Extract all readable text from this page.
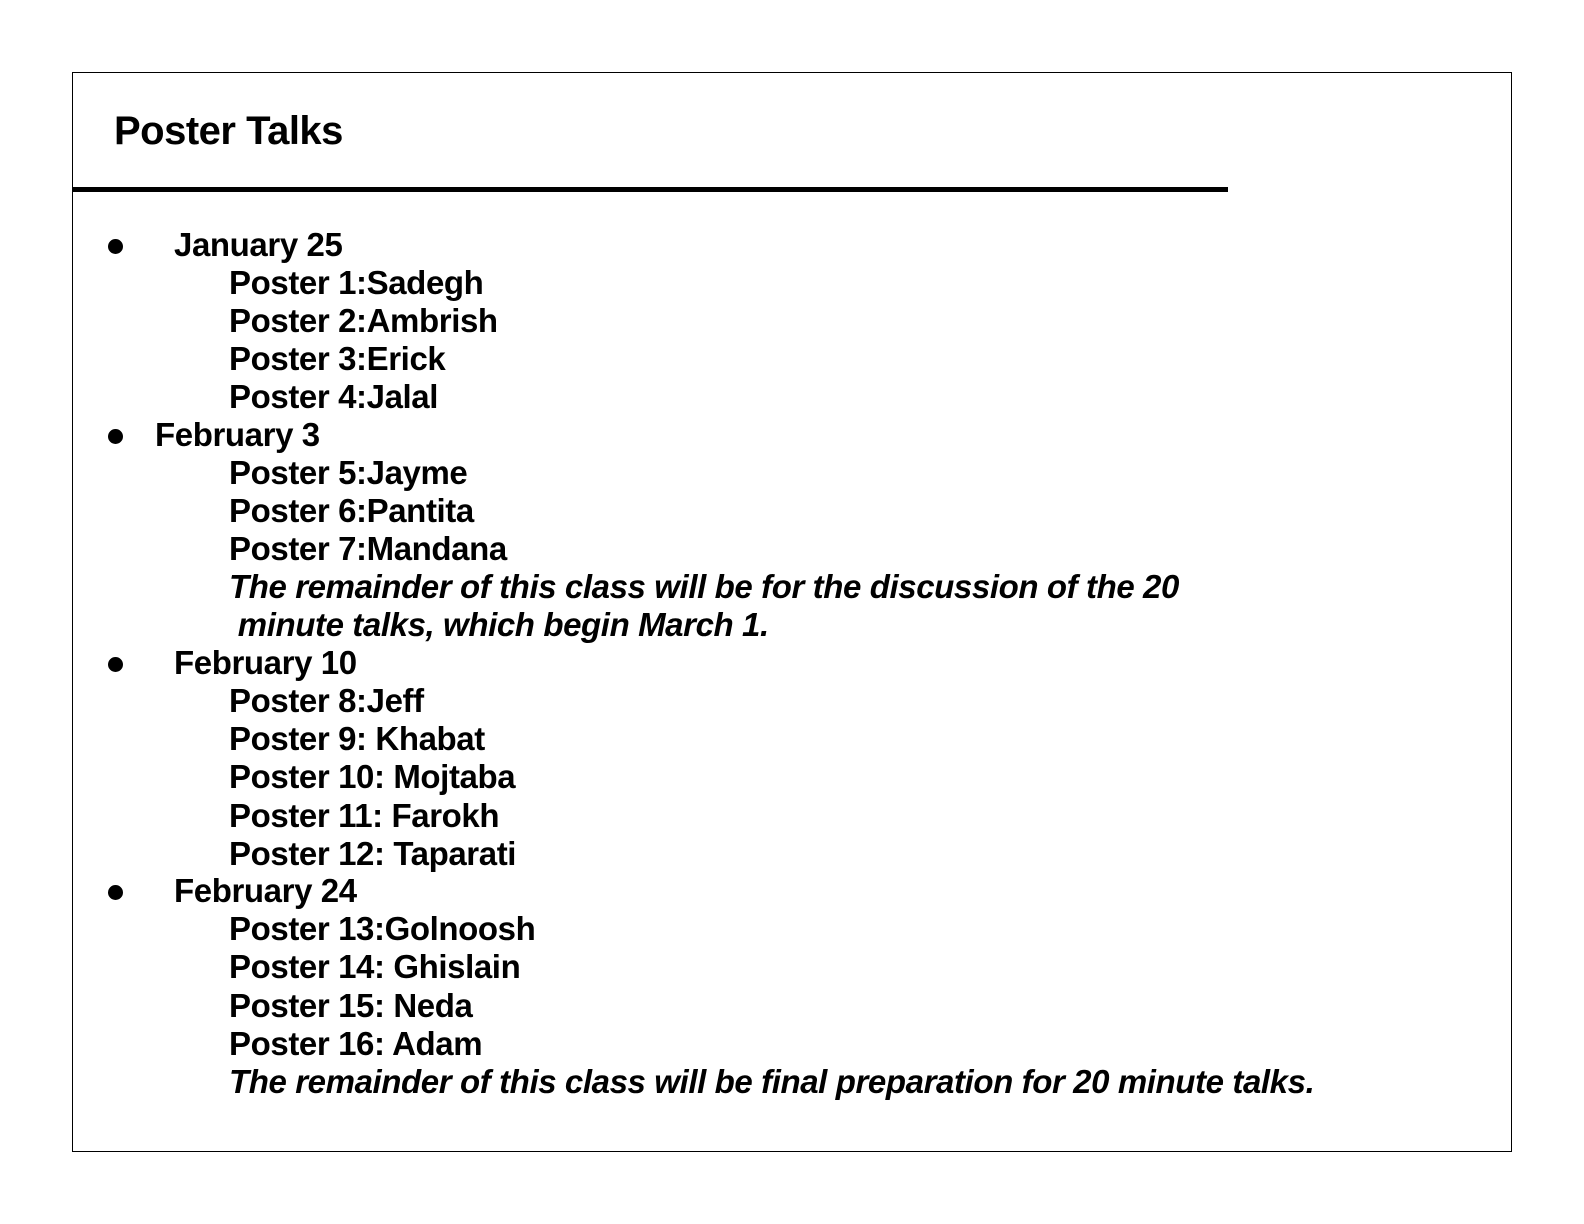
Poster Talks
January 25
Poster 1:Sadegh
Poster 2:Ambrish
Poster 3:Erick
Poster 4:Jalal
February 3
Poster 5:Jayme
Poster 6:Pantita
Poster 7:Mandana
The remainder of this class will be for the discussion of the 20
minute talks, which begin March 1.
February 10
Poster 8:Jeff
Poster 9: Khabat
Poster 10: Mojtaba
Poster 11: Farokh
Poster 12: Taparati
February 24
Poster 13:Golnoosh
Poster 14: Ghislain
Poster 15: Neda
Poster 16: Adam
The remainder of this class will be final preparation for 20 minute talks.
